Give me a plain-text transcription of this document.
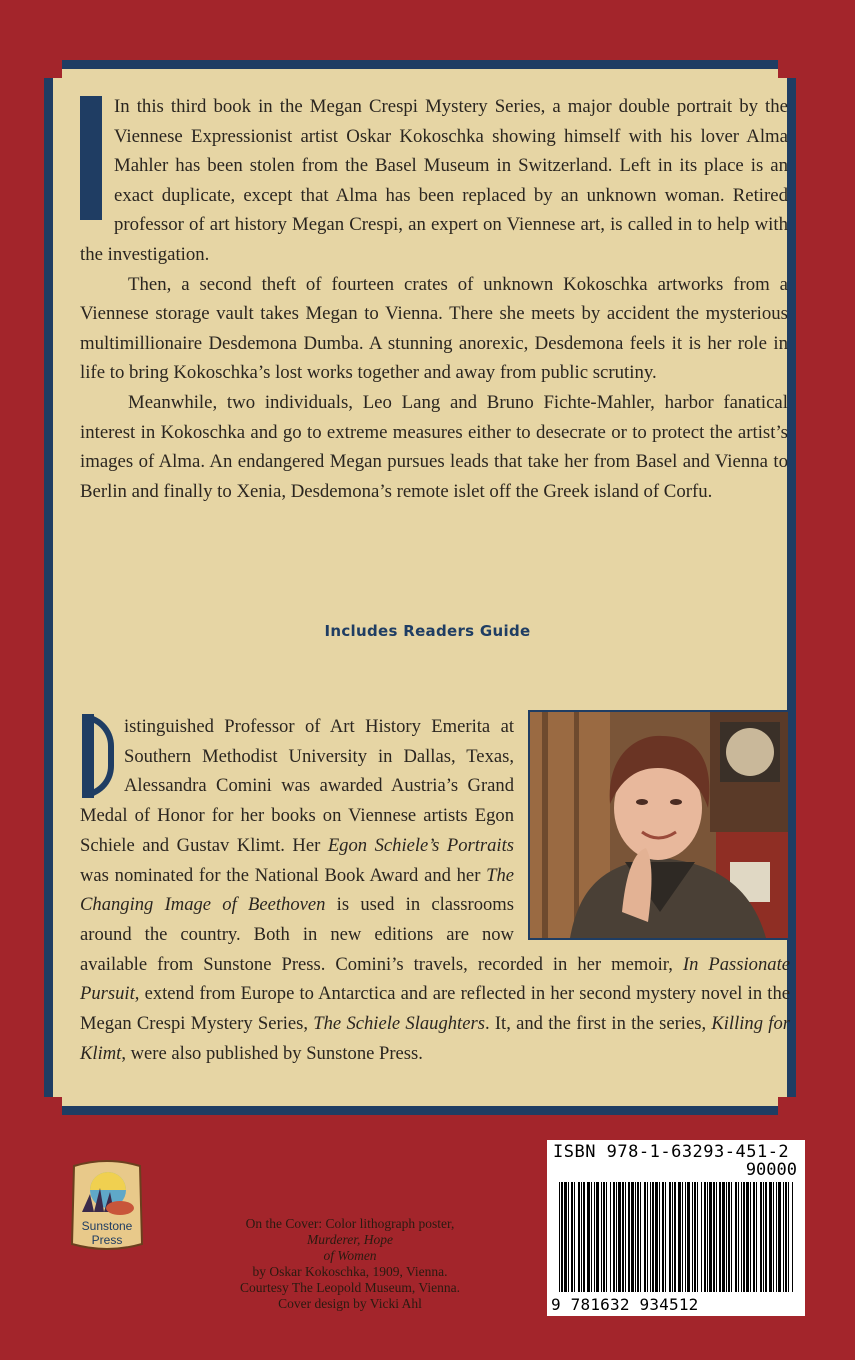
In this third book in the Megan Crespi Mystery Series, a major double portrait by the Viennese Expressionist artist Oskar Kokoschka showing himself with his lover Alma Mahler has been stolen from the Basel Museum in Switzerland. Left in its place is an exact duplicate, except that Alma has been replaced by an unknown woman. Retired professor of art history Megan Crespi, an expert on Viennese art, is called in to help with the investigation.

Then, a second theft of fourteen crates of unknown Kokoschka artworks from a Viennese storage vault takes Megan to Vienna. There she meets by accident the mysterious multimillionaire Desdemona Dumba. A stunning anorexic, Desdemona feels it is her role in life to bring Kokoschka’s lost works together and away from public scrutiny.

Meanwhile, two individuals, Leo Lang and Bruno Fichte-Mahler, harbor fanatical interest in Kokoschka and go to extreme measures either to desecrate or to protect the artist’s images of Alma. An endangered Megan pursues leads that take her from Basel and Vienna to Berlin and finally to Xenia, Desdemona’s remote islet off the Greek island of Corfu.

Includes Readers Guide

istinguished Professor of Art History Emerita at Southern Methodist University in Dallas, Texas, Alessandra Comini was awarded Austria’s Grand Medal of Honor for her books on Viennese artists Egon Schiele and Gustav Klimt. Her Egon Schiele’s Portraits was nominated for the National Book Award and her The Changing Image of Beethoven is used in classrooms around the country. Both in new editions are now available from Sunstone Press. Comini’s travels, recorded in her memoir, In Passionate Pursuit, extend from Europe to Antarctica and are reflected in her second mystery novel in the Megan Crespi Mystery Series, The Schiele Slaughters. It, and the first in the series, Killing for Klimt, were also published by Sunstone Press.

Sunstone
Press
On the Cover: Color lithograph poster,
Murderer, Hope
of Women
by Oskar Kokoschka, 1909, Vienna.
Courtesy The Leopold Museum, Vienna.
Cover design by Vicki Ahl
ISBN 978-1-63293-451-2
90000
9 781632 934512
